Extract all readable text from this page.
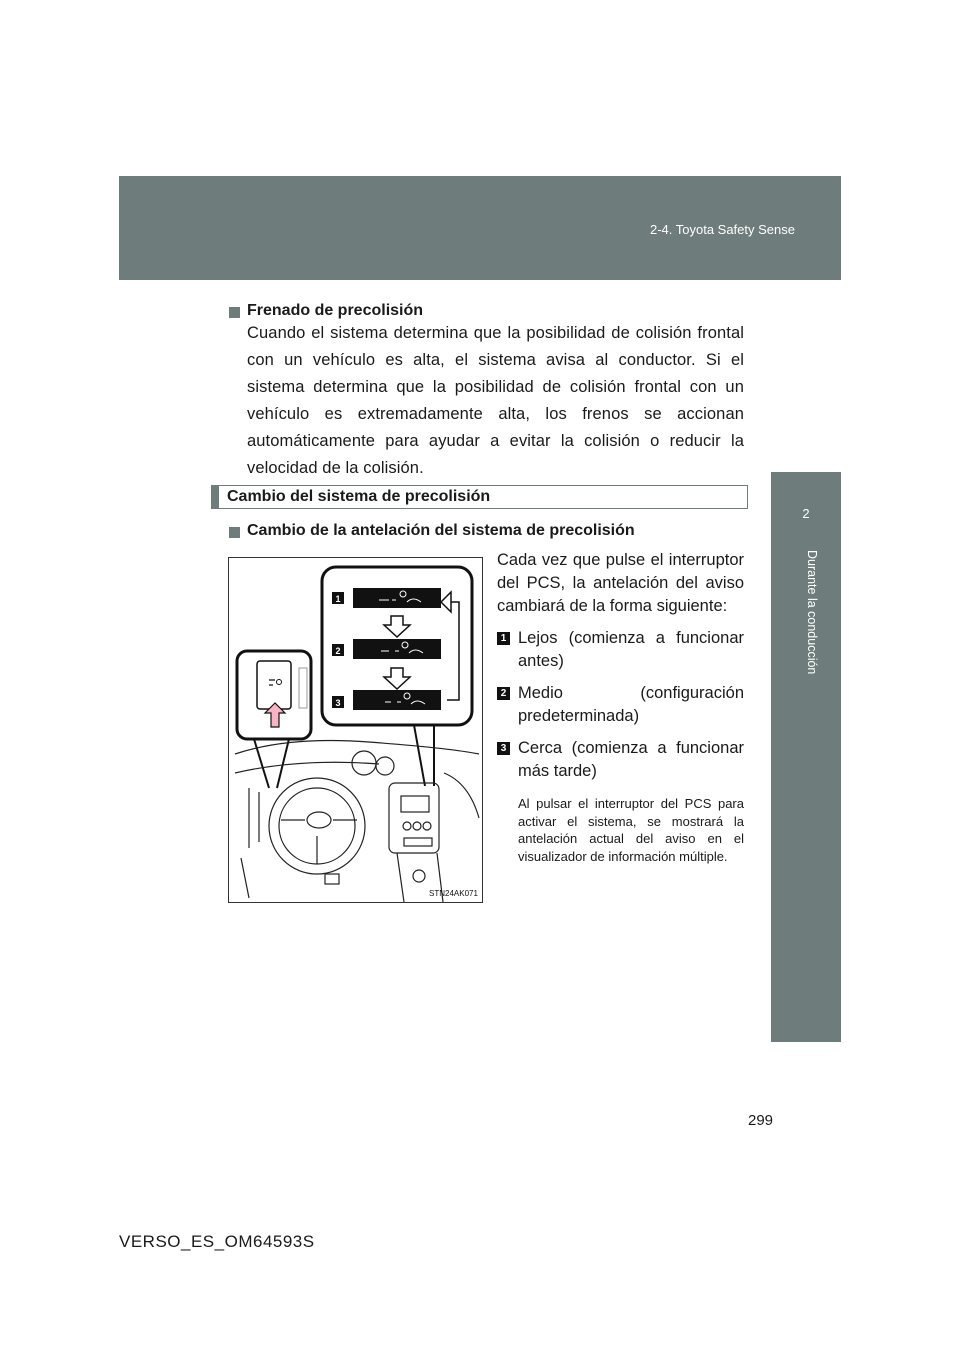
2-4. Toyota Safety Sense
2
Durante la conducción
Frenado de precolisión
Cuando el sistema determina que la posibilidad de colisión frontal con un vehículo es alta, el sistema avisa al conductor. Si el sistema determina que la posibilidad de colisión frontal con un vehículo es extremadamente alta, los frenos se accionan automáticamente para ayudar a evitar la colisión o reducir la velocidad de la colisión.
Cambio del sistema de precolisión
Cambio de la antelación del sistema de precolisión
1
2
3
STN24AK071
Cada vez que pulse el interruptor del PCS, la antelación del aviso cambiará de la forma siguiente:
1 Lejos (comienza a funcionar antes)
2 Medio (configuración predeterminada)
3 Cerca (comienza a funcionar más tarde)
Al pulsar el interruptor del PCS para activar el sistema, se mostrará la antelación actual del aviso en el visualizador de información múltiple.
299
VERSO_ES_OM64593S
